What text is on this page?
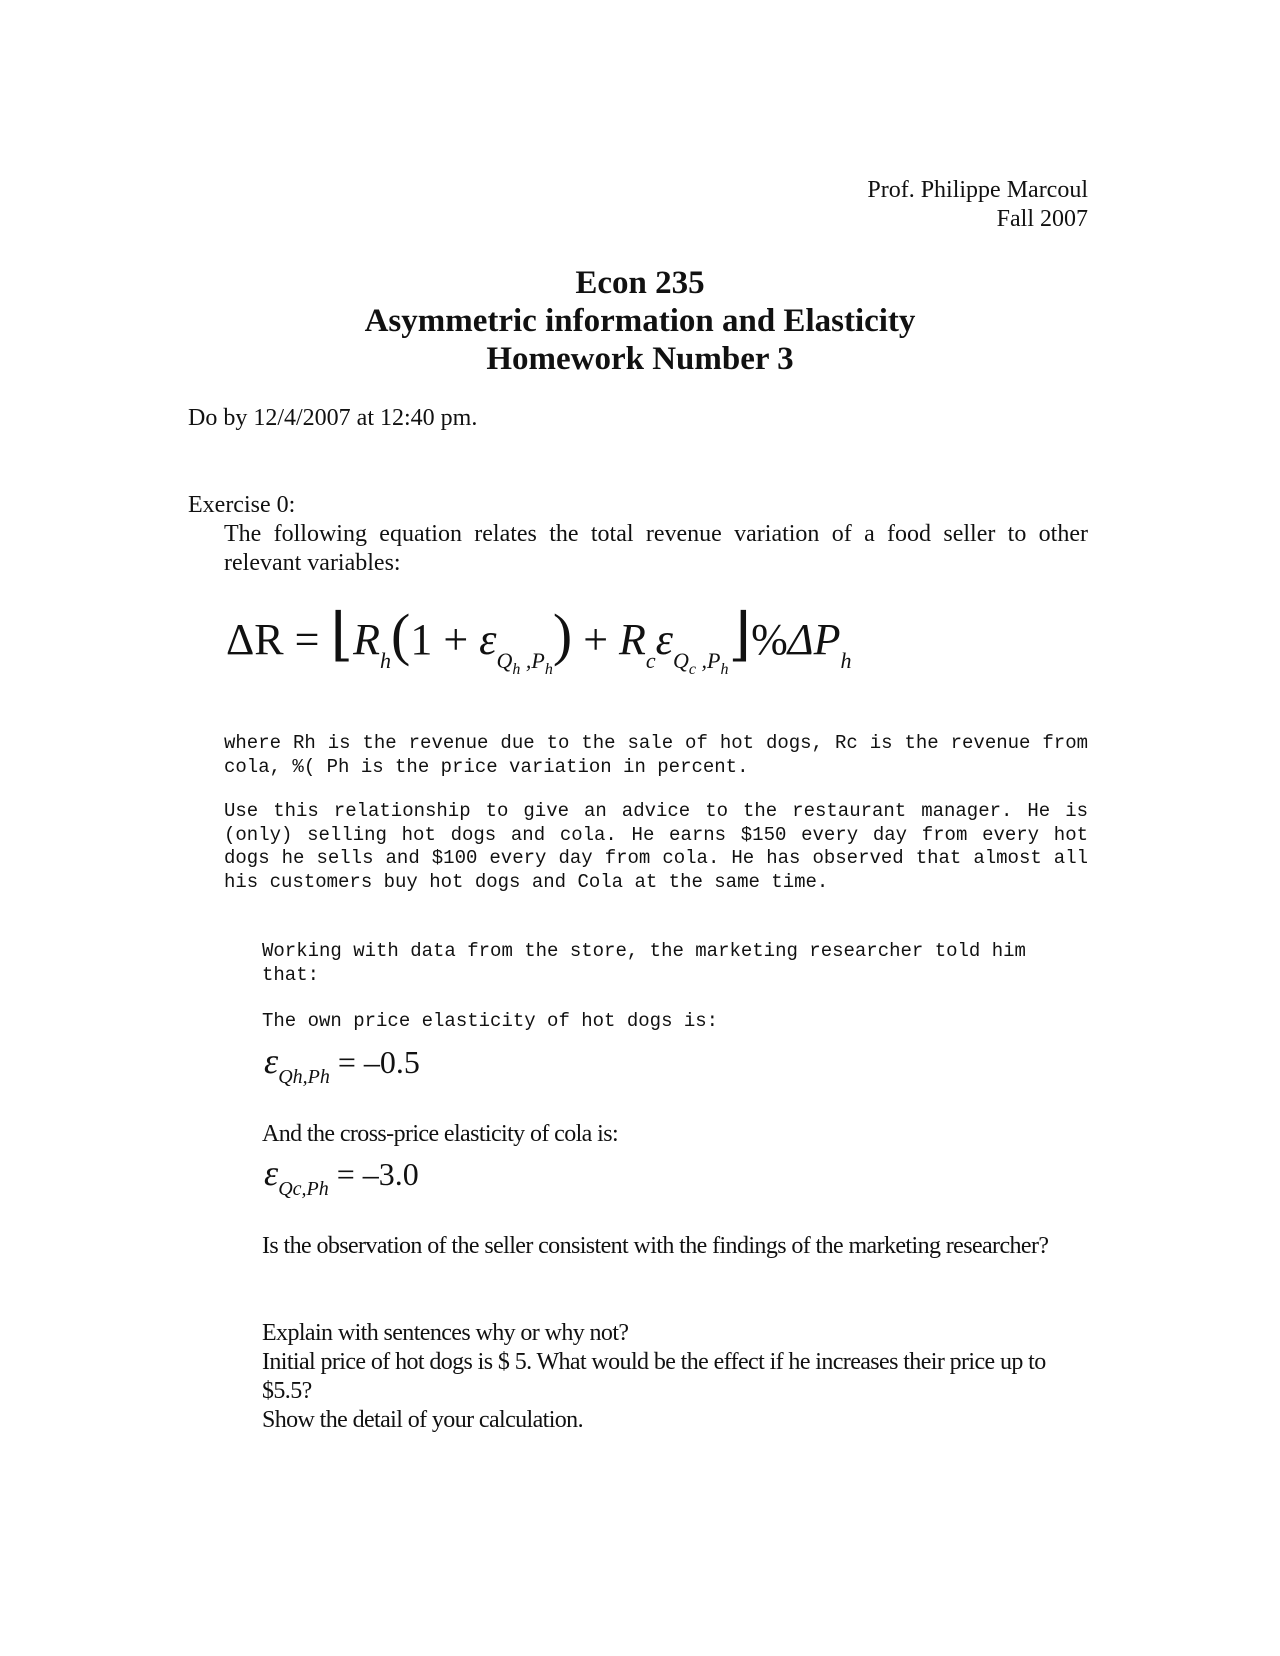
Prof. Philippe Marcoul
Fall 2007
Econ 235
Asymmetric information and Elasticity
Homework Number 3
Do by 12/4/2007 at 12:40 pm.
Exercise 0:
The following equation relates the total revenue variation of a food seller to other relevant variables:
$\Delta R = ⌊R_h(1 + \varepsilon_{Q_h ,P_h})$ + $R_c\varepsilon_{Q_c ,P_h}⌋\%\Delta P_h$
where Rh is the revenue due to the sale of hot dogs, Rc is the revenue from cola, %( Ph is the price variation in percent.
Use this relationship to give an advice to the restaurant manager. He is (only) selling hot dogs and cola. He earns $150 every day from every hot dogs he sells and $100 every day from cola. He has observed that almost all his customers buy hot dogs and Cola at the same time.
Working with data from the store, the marketing researcher told him that:
The own price elasticity of hot dogs is:
$\varepsilon_{Qh,Ph} = -0.5$
And the cross-price elasticity of cola is:
$\varepsilon_{Qc,Ph} = -3.0$
Is the observation of the seller consistent with the findings of the marketing researcher?
Explain with sentences why or why not?
Initial price of hot dogs is $ 5. What would be the effect if he increases their price up to $5.5?
Show the detail of your calculation.
